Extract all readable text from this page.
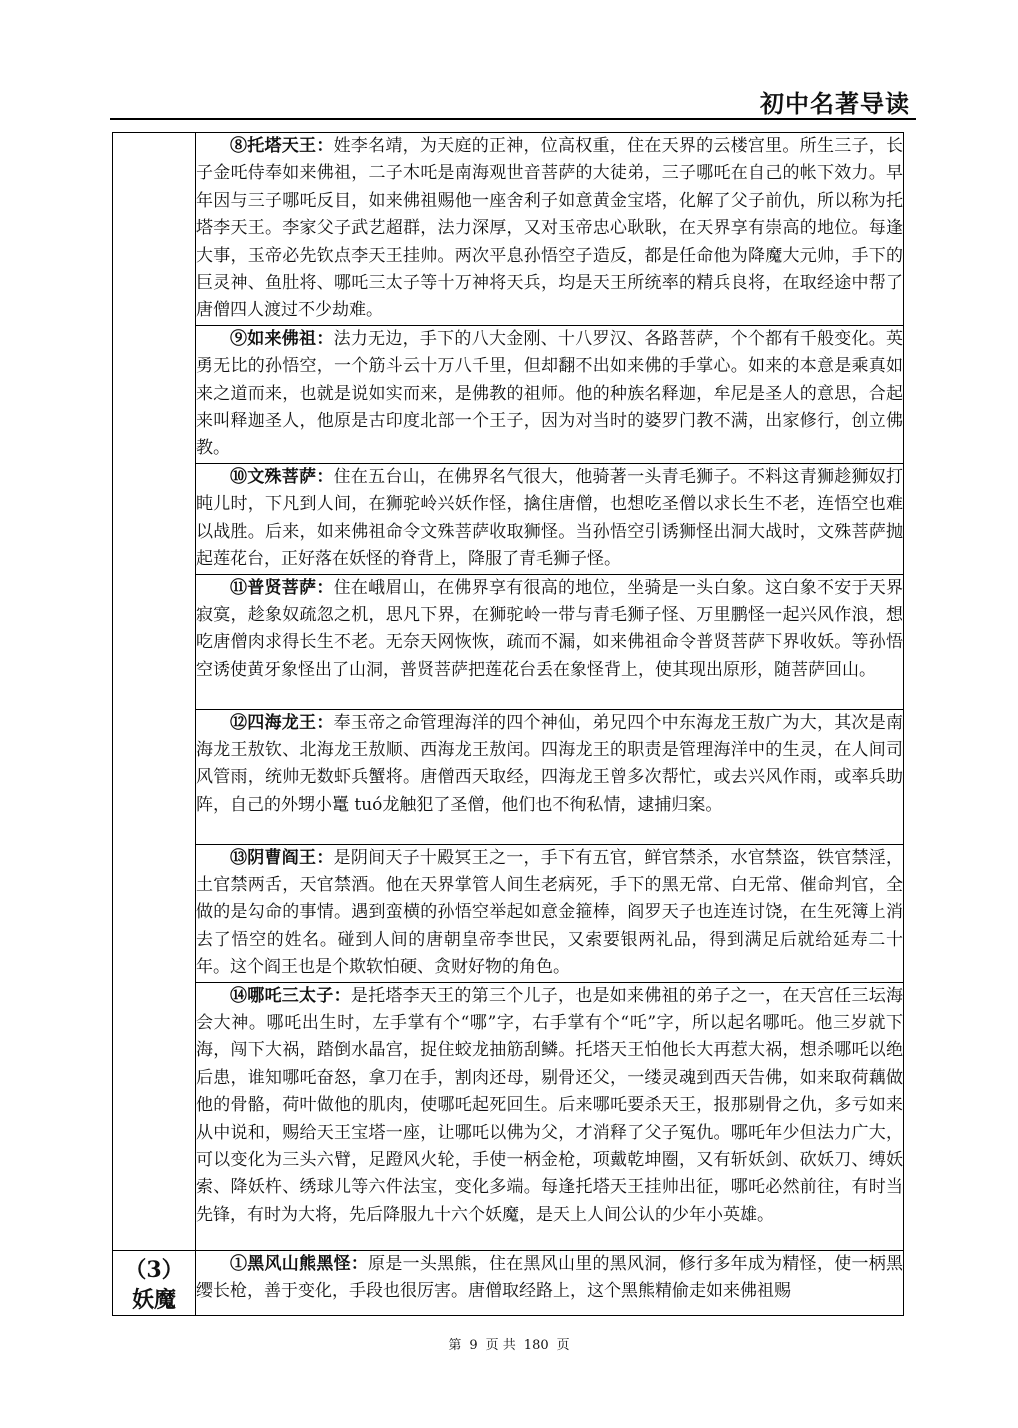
初中名著导读

	⑧托塔天王：姓李名靖，为天庭的正神，位高权重，住在天界的云楼宫里。所生三子，长子金吒侍奉如来佛祖，二子木吒是南海观世音菩萨的大徒弟，三子哪吒在自己的帐下效力。早年因与三子哪吒反目，如来佛祖赐他一座舍利子如意黄金宝塔，化解了父子前仇，所以称为托塔李天王。李家父子武艺超群，法力深厚，又对玉帝忠心耿耿，在天界享有崇高的地位。每逢大事，玉帝必先钦点李天王挂帅。两次平息孙悟空子造反，都是任命他为降魔大元帅，手下的巨灵神、鱼肚将、哪吒三太子等十万神将天兵，均是天王所统率的精兵良将，在取经途中帮了唐僧四人渡过不少劫难。

	⑨如来佛祖：法力无边，手下的八大金刚、十八罗汉、各路菩萨，个个都有千般变化。英勇无比的孙悟空，一个筋斗云十万八千里，但却翻不出如来佛的手掌心。如来的本意是乘真如来之道而来，也就是说如实而来，是佛教的祖师。他的种族名释迦，牟尼是圣人的意思，合起来叫释迦圣人，他原是古印度北部一个王子，因为对当时的婆罗门教不满，出家修行，创立佛教。

	⑩文殊菩萨：住在五台山，在佛界名气很大，他骑著一头青毛狮子。不料这青狮趁狮奴打盹儿时，下凡到人间，在狮驼岭兴妖作怪，擒住唐僧，也想吃圣僧以求长生不老，连悟空也难以战胜。后来，如来佛祖命令文殊菩萨收取狮怪。当孙悟空引诱狮怪出洞大战时，文殊菩萨抛起莲花台，正好落在妖怪的脊背上，降服了青毛狮子怪。

	⑪普贤菩萨：住在峨眉山，在佛界享有很高的地位，坐骑是一头白象。这白象不安于天界寂寞，趁象奴疏忽之机，思凡下界，在狮驼岭一带与青毛狮子怪、万里鹏怪一起兴风作浪，想吃唐僧肉求得长生不老。无奈天网恢恢，疏而不漏，如来佛祖命令普贤菩萨下界收妖。等孙悟空诱使黄牙象怪出了山洞，普贤菩萨把莲花台丢在象怪背上，使其现出原形，随菩萨回山。

	⑫四海龙王：奉玉帝之命管理海洋的四个神仙，弟兄四个中东海龙王敖广为大，其次是南海龙王敖钦、北海龙王敖顺、西海龙王敖闰。四海龙王的职责是管理海洋中的生灵，在人间司风管雨，统帅无数虾兵蟹将。唐僧西天取经，四海龙王曾多次帮忙，或去兴风作雨，或率兵助阵，自己的外甥小鼍 tuó龙触犯了圣僧，他们也不徇私情，逮捕归案。

	⑬阴曹阎王：是阴间天子十殿冥王之一，手下有五官，鲜官禁杀，水官禁盗，铁官禁淫，土官禁两舌，天官禁酒。他在天界掌管人间生老病死，手下的黑无常、白无常、催命判官，全做的是勾命的事情。遇到蛮横的孙悟空举起如意金箍棒，阎罗天子也连连讨饶，在生死簿上消去了悟空的姓名。碰到人间的唐朝皇帝李世民，又索要银两礼品，得到满足后就给延寿二十年。这个阎王也是个欺软怕硬、贪财好物的角色。

	⑭哪吒三太子：是托塔李天王的第三个儿子，也是如来佛祖的弟子之一，在天宫任三坛海会大神。哪吒出生时，左手掌有个“哪”字，右手掌有个“吒”字，所以起名哪吒。他三岁就下海，闯下大祸，踏倒水晶宫，捉住蛟龙抽筋刮鳞。托塔天王怕他长大再惹大祸，想杀哪吒以绝后患，谁知哪吒奋怒，拿刀在手，割肉还母，剔骨还父，一缕灵魂到西天告佛，如来取荷藕做他的骨骼，荷叶做他的肌肉，使哪吒起死回生。后来哪吒要杀天王，报那剔骨之仇，多亏如来从中说和，赐给天王宝塔一座，让哪吒以佛为父，才消释了父子冤仇。哪吒年少但法力广大，可以变化为三头六臂，足蹬风火轮，手使一柄金枪，项戴乾坤圈，又有斩妖剑、砍妖刀、缚妖索、降妖杵、绣球儿等六件法宝，变化多端。每逢托塔天王挂帅出征，哪吒必然前往，有时当先锋，有时为大将，先后降服九十六个妖魔，是天上人间公认的少年小英雄。

（3）
妖魔	①黑风山熊黑怪：原是一头黑熊，住在黑风山里的黑风洞，修行多年成为精怪，使一柄黑缨长枪，善于变化，手段也很厉害。唐僧取经路上，这个黑熊精偷走如来佛祖赐

第 9 页 共 180 页
